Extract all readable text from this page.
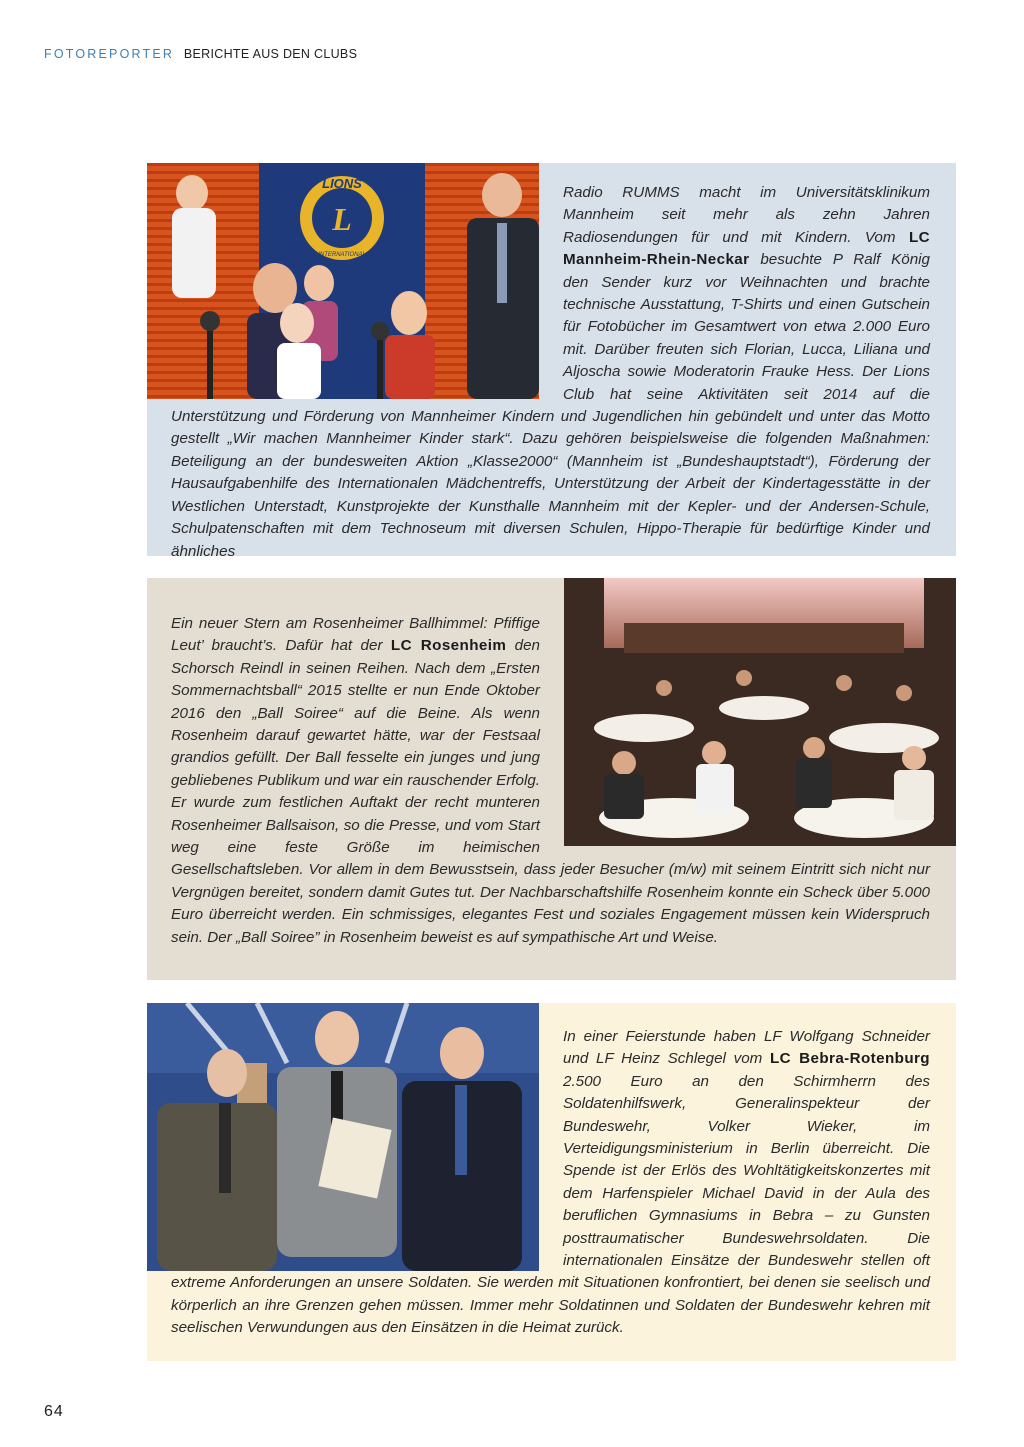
FOTOREPORTER BERICHTE AUS DEN CLUBS
L
LIONS
INTERNATIONAL

Radio RUMMS macht im Universitätsklinikum Mannheim seit mehr als zehn Jahren Radiosendungen für und mit Kindern. Vom LC Mannheim-Rhein-Neckar besuchte P Ralf König den Sender kurz vor Weihnachten und brachte technische Ausstattung, T-Shirts und einen Gutschein für Fotobücher im Gesamtwert von etwa 2.000 Euro mit. Darüber freuten sich Florian, Lucca, Liliana und Aljoscha sowie Moderatorin Frauke Hess. Der Lions Club hat seine Aktivitäten seit 2014 auf die Unterstützung und Förderung von Mannheimer Kindern und Jugendlichen hin gebündelt und unter das Motto gestellt „Wir machen Mannheimer Kinder stark“. Dazu gehören beispielsweise die folgenden Maßnahmen: Beteiligung an der bundesweiten Aktion „Klasse2000“ (Mannheim ist „Bundeshauptstadt“), Förderung der Hausaufgabenhilfe des Internationalen Mädchentreffs, Unterstützung der Arbeit der Kindertagesstätte in der Westlichen Unterstadt, Kunstprojekte der Kunsthalle Mannheim mit der Kepler- und der Andersen-Schule, Schulpatenschaften mit dem Technoseum mit diversen Schulen, Hippo-Therapie für bedürftige Kinder und ähnliches

Ein neuer Stern am Rosenheimer Ballhimmel: Pfiffige Leut’ braucht’s. Dafür hat der LC Rosenheim den Schorsch Reindl in seinen Reihen. Nach dem „Ersten Sommernachtsball“ 2015 stellte er nun Ende Oktober 2016 den „Ball Soiree“ auf die Beine. Als wenn Rosenheim darauf gewartet hätte, war der Festsaal grandios gefüllt. Der Ball fesselte ein junges und jung gebliebenes Publikum und war ein rauschender Erfolg. Er wurde zum festlichen Auftakt der recht munteren Rosenheimer Ballsaison, so die Presse, und vom Start weg eine feste Größe im heimischen Gesellschaftsleben. Vor allem in dem Bewusstsein, dass jeder Besucher (m/w) mit seinem Eintritt sich nicht nur Vergnügen bereitet, sondern damit Gutes tut. Der Nachbarschaftshilfe Rosenheim konnte ein Scheck über 5.000 Euro überreicht werden. Ein schmissiges, elegantes Fest und soziales Engagement müssen kein Widerspruch sein. Der „Ball Soiree” in Rosenheim beweist es auf sympathische Art und Weise.

In einer Feierstunde haben LF Wolfgang Schneider und LF Heinz Schlegel vom LC Bebra-Rotenburg 2.500 Euro an den Schirmherrn des Soldatenhilfswerk, Generalinspekteur der Bundeswehr, Volker Wieker, im Verteidigungsministerium in Berlin überreicht. Die Spende ist der Erlös des Wohltätigkeitskonzertes mit dem Harfenspieler Michael David in der Aula des beruflichen Gymnasiums in Bebra – zu Gunsten posttraumatischer Bundeswehrsoldaten. Die internationalen Einsätze der Bundeswehr stellen oft extreme Anforderungen an unsere Soldaten. Sie werden mit Situationen konfrontiert, bei denen sie seelisch und körperlich an ihre Grenzen gehen müssen. Immer mehr Soldatinnen und Soldaten der Bundeswehr kehren mit seelischen Verwundungen aus den Einsätzen in die Heimat zurück.

64
